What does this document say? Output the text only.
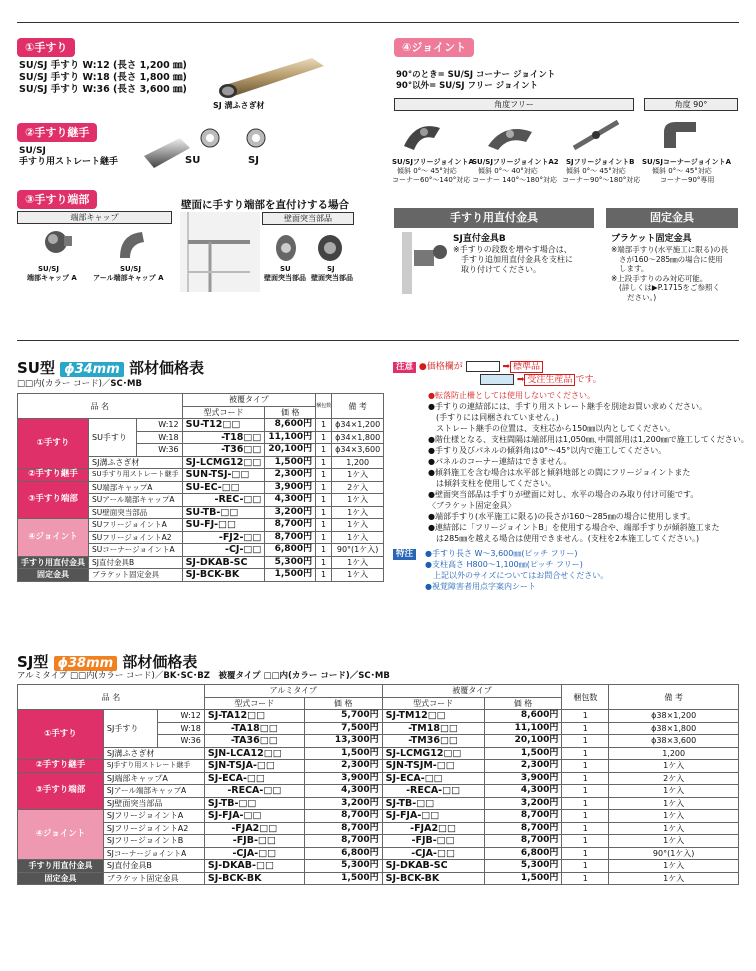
①手すり
SU/SJ 手すり W:12 (長さ 1,200 ㎜)
SU/SJ 手すり W:18 (長さ 1,800 ㎜)
SU/SJ 手すり W:36 (長さ 3,600 ㎜)
SJ 溝ふさぎ材
②手すり継手
SU/SJ
手すり用ストレート継手	SU	SJ
③手すり端部
端部キャップ
SU/SJ
端部キャップ A
SU/SJ
アール端部キャップ A
壁面に手すり端部を直付けする場合
壁面突当部品
SU
壁面突当部品
SJ
壁面突当部品
④ジョイント
90°のとき= SU/SJ コーナー ジョイント
90°以外= SU/SJ フリー ジョイント
角度フリー	角度 90°
SU/SJフリージョイントA
傾斜 0°～ 45°対応
コーナー60°～140°対応
SU/SJフリージョイントA2
傾斜 0°～ 40°対応
コーナー 140°～180°対応
SJフリージョイントB
傾斜 0°～ 45°対応
コーナー90°～180°対応
SU/SJコーナージョイントA
傾斜 0°～ 45°対応
コーナー90°専用
手すり用直付金具	固定金具
SJ直付金具B
※手すりの段数を増やす場合は、
手すり追加用直付金具を支柱に
取り付けてください。
ブラケット固定金具
※端部手すり(水平施工に限る)の長
さが160～285㎜の場合に使用
します。
※上段手すりのみ対応可能。
(詳しくは▶P.1715をご参照く
ださい。)
SU型 ϕ34mm 部材価格表
□□内(カラー コード)／SC･MB
品 名			被覆タイプ		梱包数	備 考
			型式コード	価 格		
①手すり	SU手すり	W:12	SU-T12□□	8,600円	1	ϕ34×1,200
		W:18	-T18□□	11,100円	1	ϕ34×1,800
		W:36	-T36□□	20,100円	1	ϕ34×3,600
	SJ溝ふさぎ材		SJ-LCMG12□□	1,500円	1	1,200
②手すり継手	SU手すり用ストレート継手		SUN-TSJ-□□	2,300円	1	1ケ入
③手すり端部	SU端部キャップA		SU-EC-□□	3,900円	1	2ケ入
	SUアール端部キャップA		-REC-□□	4,300円	1	1ケ入
	SU壁面突当部品		SU-TB-□□	3,200円	1	1ケ入
④ジョイント	SUフリージョイントA		SU-FJ-□□	8,700円	1	1ケ入
	SUフリージョイントA2		-FJ2-□□	8,700円	1	1ケ入
	SUコーナージョイントA		-CJ-□□	6,800円	1	90°(1ケ入)
手すり用直付金具	SJ直付金具B		SJ-DKAB-SC	5,300円	1	1ケ入
固定金具	ブラケット固定金具		SJ-BCK-BK	1,500円	1	1ケ入
注意 ●価格欄が	➡ 標準品
➡ 受注生産品 です。
●転落防止柵としては使用しないでください。
●手すりの連結部には、手すり用ストレート継手を別途お買い求めください。
　(手すりには同梱されていません。)
　ストレート継手の位置は、支柱芯から150㎜以内としてください。
●階仕様となる、支柱間隔は端部用は1,050㎜､中間部用は1,200㎜で施工してください。
●手すり及びパネルの傾斜角は0°～45°以内で施工してください。
●パネルのコーナー連結はできません。
●傾斜施工を含む場合は水平部と傾斜地部との間にフリージョイントまた
　は傾斜支柱を使用してください。
●壁面突当部品は手すりが壁面に対し、水平の場合のみ取り付け可能です。
〈ブラケット固定金具〉
●端部手すり(水平施工に限る)の長さが160～285㎜の場合に使用します。
●連結部に「フリージョイントB」を使用する場合や、端部手すりが傾斜施工また
　は285㎜を越える場合は使用できません。(支柱を2本施工してください。)
特注	●手すり長さ W～3,600㎜(ピッチ フリー)
●支柱高さ H800～1,100㎜(ピッチ フリー)
　上記以外のサイズについてはお問合せください。
●視覚障害者用点字案内シート
SJ型 ϕ38mm 部材価格表
アルミタイプ □□内(カラー コード)／BK･SC･BZ　 被覆タイプ □□内(カラー コード)／SC･MB
品 名			アルミタイプ		被覆タイプ		梱包数	備 考
			型式コード	価 格	型式コード	価 格		
①手すり	SJ手すり	W:12	SJ-TA12□□	5,700円	SJ-TM12□□	8,600円	1	ϕ38×1,200
		W:18	-TA18□□	7,500円	-TM18□□	11,100円	1	ϕ38×1,800
		W:36	-TA36□□	13,300円	-TM36□□	20,100円	1	ϕ38×3,600
	SJ溝ふさぎ材		SJN-LCA12□□	1,500円	SJ-LCMG12□□	1,500円	1	1,200
②手すり継手	SJ手すり用ストレート継手		SJN-TSJA-□□	2,300円	SJN-TSJM-□□	2,300円	1	1ケ入
③手すり端部	SJ端部キャップA		SJ-ECA-□□	3,900円	SJ-ECA-□□	3,900円	1	2ケ入
	SJアール端部キャップA		-RECA-□□	4,300円	-RECA-□□	4,300円	1	1ケ入
	SJ壁面突当部品		SJ-TB-□□	3,200円	SJ-TB-□□	3,200円	1	1ケ入
④ジョイント	SJフリージョイントA		SJ-FJA-□□	8,700円	SJ-FJA-□□	8,700円	1	1ケ入
	SJフリージョイントA2		-FJA2□□	8,700円	-FJA2□□	8,700円	1	1ケ入
	SJフリージョイントB		-FJB-□□	8,700円	-FJB-□□	8,700円	1	1ケ入
	SJコーナージョイントA		-CJA-□□	6,800円	-CJA-□□	6,800円	1	90°(1ケ入)
手すり用直付金具	SJ直付金具B		SJ-DKAB-□□	5,300円	SJ-DKAB-SC	5,300円	1	1ケ入
固定金具	ブラケット固定金具		SJ-BCK-BK	1,500円	SJ-BCK-BK	1,500円	1	1ケ入
